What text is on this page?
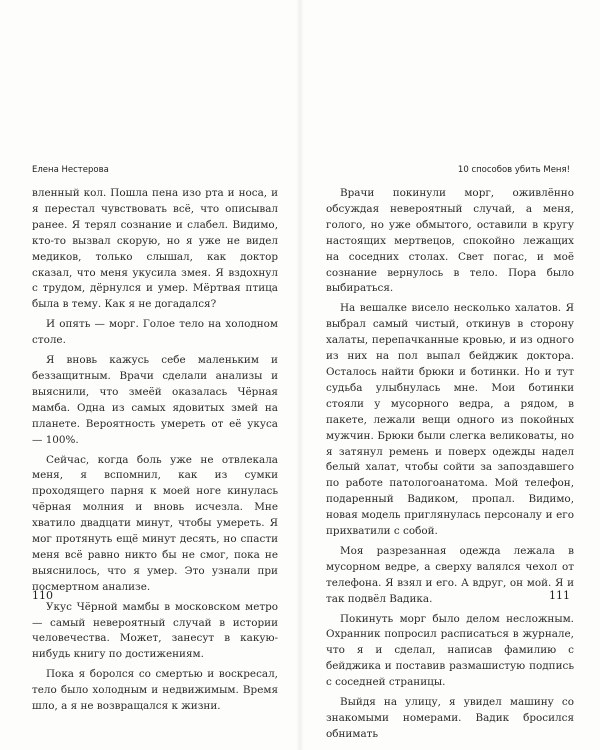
Елена Нестерова

вленный кол. Пошла пена изо рта и носа, и я перестал чувствовать всё, что описывал ранее. Я терял сознание и слабел. Видимо, кто-то вызвал скорую, но я уже не видел медиков, только слышал, как доктор сказал, что меня укусила змея. Я вздохнул с трудом, дёрнулся и умер. Мёртвая птица была в тему. Как я не догадался?

И опять — морг. Голое тело на холодном столе.

Я вновь кажусь себе маленьким и беззащитным. Врачи сделали анализы и выяснили, что змеёй оказалась Чёрная мамба. Одна из самых ядовитых змей на планете. Вероятность умереть от её укуса — 100%.

Сейчас, когда боль уже не отвлекала меня, я вспомнил, как из сумки проходящего парня к моей ноге кинулась чёрная молния и вновь исчезла. Мне хватило двадцати минут, чтобы умереть. Я мог протянуть ещё минут десять, но спасти меня всё равно никто бы не смог, пока не выяснилось, что я умер. Это узнали при посмертном анализе.

Укус Чёрной мамбы в московском метро — самый невероятный случай в истории человечества. Может, занесут в какую-нибудь книгу по достижениям.

Пока я боролся со смертью и воскресал, тело было холодным и недвижимым. Время шло, а я не возвращался к жизни.

110
10 способов убить Меня!

Врачи покинули морг, оживлённо обсуждая невероятный случай, а меня, голого, но уже обмытого, оставили в кругу настоящих мертвецов, спокойно лежащих на соседних столах. Свет погас, и моё сознание вернулось в тело. Пора было выбираться.

На вешалке висело несколько халатов. Я выбрал самый чистый, откинув в сторону халаты, перепачканные кровью, и из одного из них на пол выпал бейджик доктора. Осталось найти брюки и ботинки. Но и тут судьба улыбнулась мне. Мои ботинки стояли у мусорного ведра, а рядом, в пакете, лежали вещи одного из покойных мужчин. Брюки были слегка великоваты, но я затянул ремень и поверх одежды надел белый халат, чтобы сойти за запоздавшего по работе патологоанатома. Мой телефон, подаренный Вадиком, пропал. Видимо, новая модель приглянулась персоналу и его прихватили с собой.

Моя разрезанная одежда лежала в мусорном ведре, а сверху валялся чехол от телефона. Я взял и его. А вдруг, он мой. Я и так подвёл Вадика.

Покинуть морг было делом несложным. Охранник попросил расписаться в журнале, что я и сделал, написав фамилию с бейджика и поставив размашистую подпись с соседней страницы.

Выйдя на улицу, я увидел машину со знакомыми номерами. Вадик бросился обнимать

111
